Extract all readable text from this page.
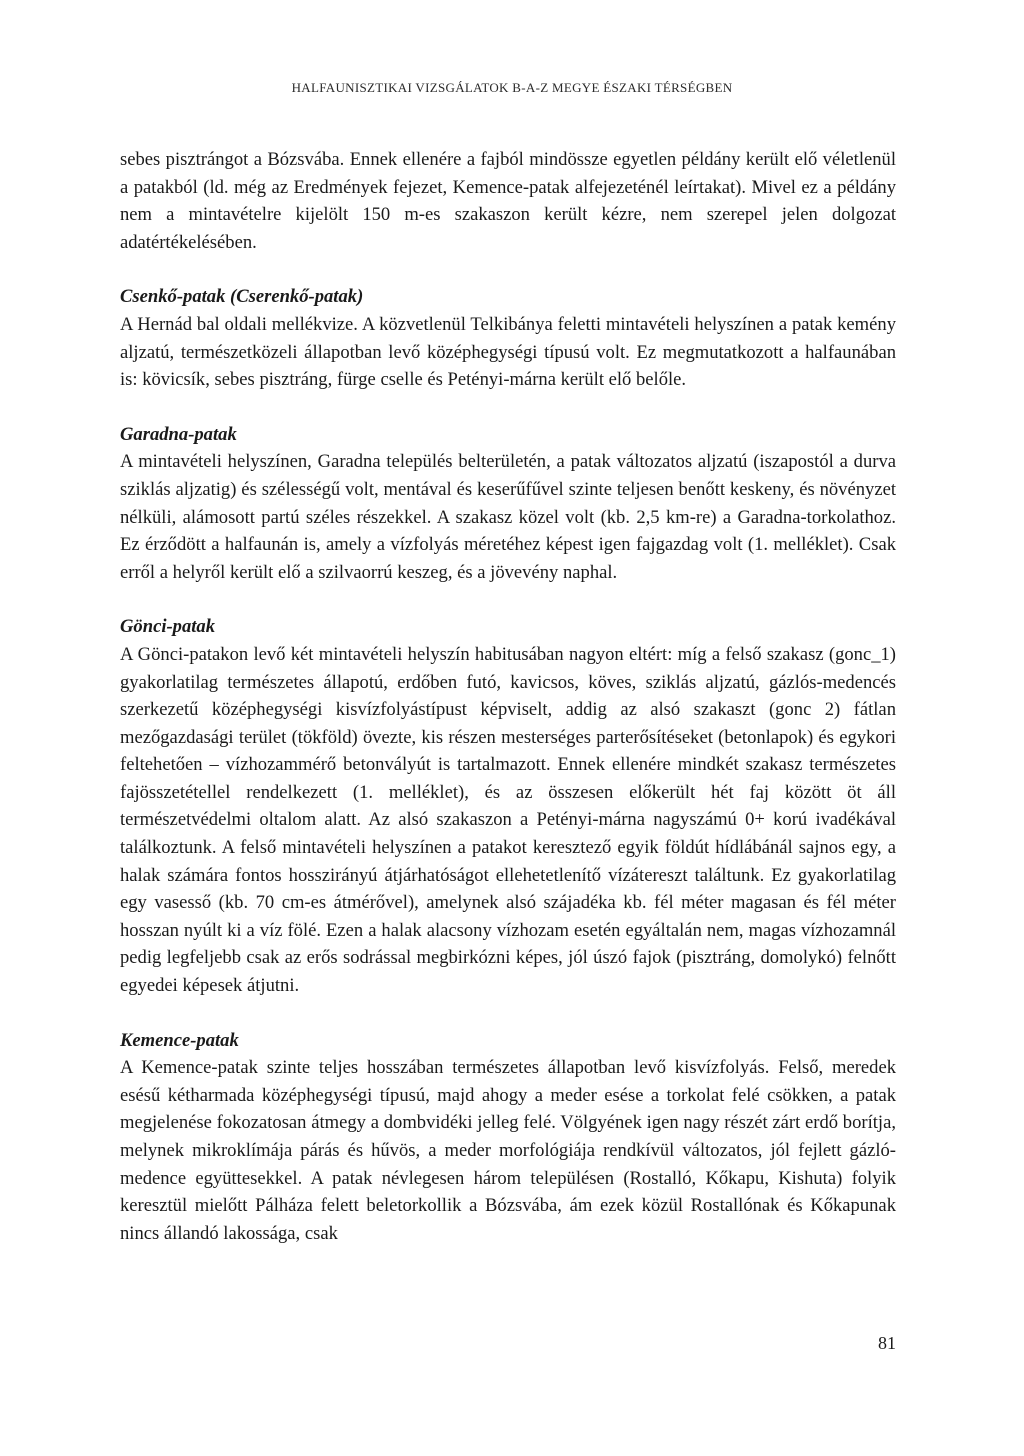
HALFAUNISZTIKAI VIZSGÁLATOK B-A-Z MEGYE ÉSZAKI TÉRSÉGBEN

sebes pisztrángot a Bózsvába. Ennek ellenére a fajból mindössze egyetlen példány került elő véletlenül a patakból (ld. még az Eredmények fejezet, Kemence-patak alfejezeténél leírtakat). Mivel ez a példány nem a mintavételre kijelölt 150 m-es szakaszon került kézre, nem szerepel jelen dolgozat adatértékelésében.

Csenkő-patak (Cserenkő-patak)

A Hernád bal oldali mellékvize. A közvetlenül Telkibánya feletti mintavételi helyszínen a patak kemény aljzatú, természetközeli állapotban levő középhegységi típusú volt. Ez megmutatkozott a halfaunában is: kövicsík, sebes pisztráng, fürge cselle és Petényi-márna került elő belőle.

Garadna-patak

A mintavételi helyszínen, Garadna település belterületén, a patak változatos aljzatú (iszapostól a durva sziklás aljzatig) és szélességű volt, mentával és keserűfűvel szinte teljesen benőtt keskeny, és növényzet nélküli, alámosott partú széles részekkel. A szakasz közel volt (kb. 2,5 km-re) a Garadna-torkolathoz. Ez érződött a halfaunán is, amely a vízfolyás méretéhez képest igen fajgazdag volt (1. melléklet). Csak erről a helyről került elő a szilvaorrú keszeg, és a jövevény naphal.

Gönci-patak

A Gönci-patakon levő két mintavételi helyszín habitusában nagyon eltért: míg a felső szakasz (gonc_1) gyakorlatilag természetes állapotú, erdőben futó, kavicsos, köves, sziklás aljzatú, gázlós-medencés szerkezetű középhegységi kisvízfolyástípust képviselt, addig az alsó szakaszt (gonc 2) fátlan mezőgazdasági terület (tökföld) övezte, kis részen mesterséges parterősítéseket (betonlapok) és egykori feltehetően – vízhozammérő betonvályút is tartalmazott. Ennek ellenére mindkét szakasz természetes fajösszetétellel rendelkezett (1. melléklet), és az összesen előkerült hét faj között öt áll természetvédelmi oltalom alatt. Az alsó szakaszon a Petényi-márna nagyszámú 0+ korú ivadékával találkoztunk. A felső mintavételi helyszínen a patakot keresztező egyik földút hídlábánál sajnos egy, a halak számára fontos hosszirányú átjárhatóságot ellehetetlenítő vízátereszt találtunk. Ez gyakorlatilag egy vasesső (kb. 70 cm-es átmérővel), amelynek alsó szájadéka kb. fél méter magasan és fél méter hosszan nyúlt ki a víz fölé. Ezen a halak alacsony vízhozam esetén egyáltalán nem, magas vízhozamnál pedig legfeljebb csak az erős sodrással megbirkózni képes, jól úszó fajok (pisztráng, domolykó) felnőtt egyedei képesek átjutni.

Kemence-patak

A Kemence-patak szinte teljes hosszában természetes állapotban levő kisvízfolyás. Felső, meredek esésű kétharmada középhegységi típusú, majd ahogy a meder esése a torkolat felé csökken, a patak megjelenése fokozatosan átmegy a dombvidéki jelleg felé. Völgyének igen nagy részét zárt erdő borítja, melynek mikroklímája párás és hűvös, a meder morfológiája rendkívül változatos, jól fejlett gázló-medence együttesekkel. A patak névlegesen három településen (Rostalló, Kőkapu, Kishuta) folyik keresztül mielőtt Pálháza felett beletorkollik a Bózsvába, ám ezek közül Rostallónak és Kőkapunak nincs állandó lakossága, csak

81
